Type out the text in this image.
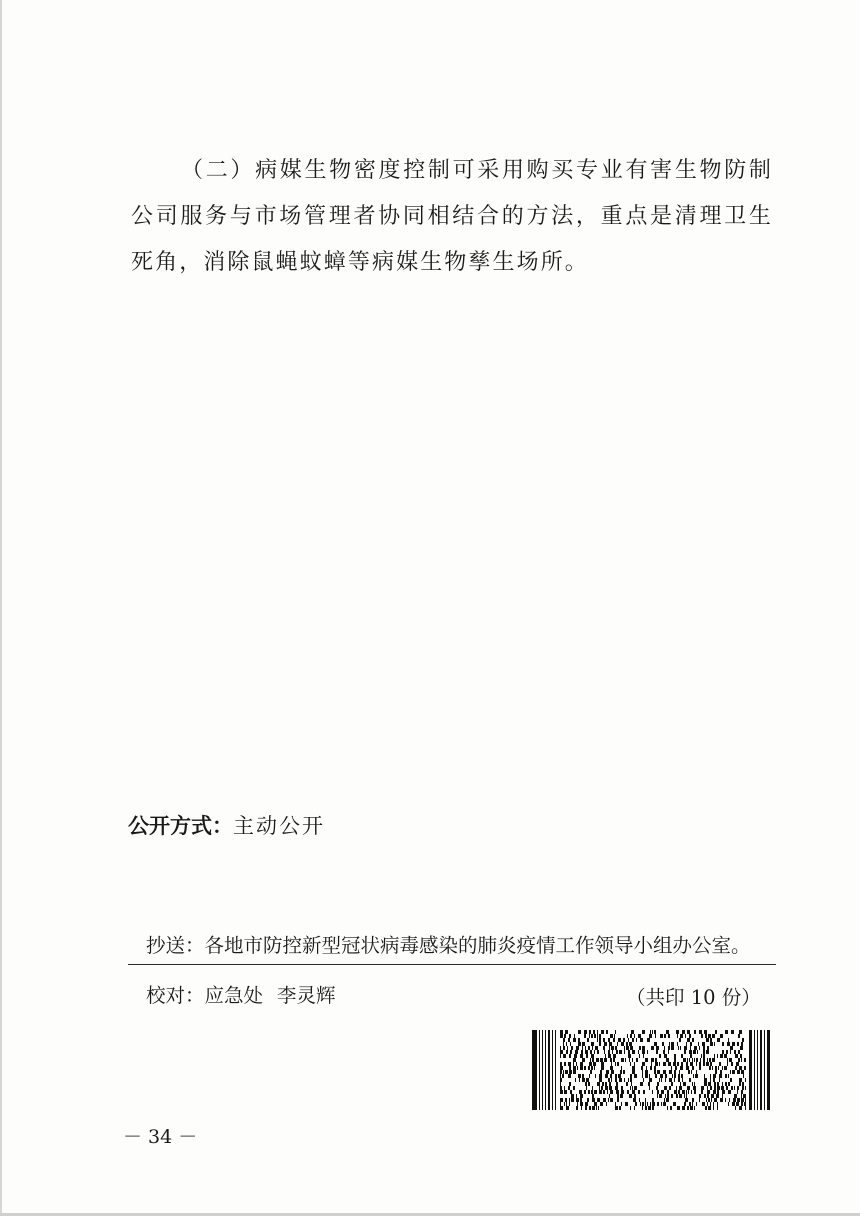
（二）病媒生物密度控制可采用购买专业有害生物防制公司服务与市场管理者协同相结合的方法，重点是清理卫生死角，消除鼠蝇蚊蟑等病媒生物孳生场所。

公开方式：主动公开
抄送：各地市防控新型冠状病毒感染的肺炎疫情工作领导小组办公室。
校对：应急处 李灵辉	（共印 10 份）
－ 34 －
